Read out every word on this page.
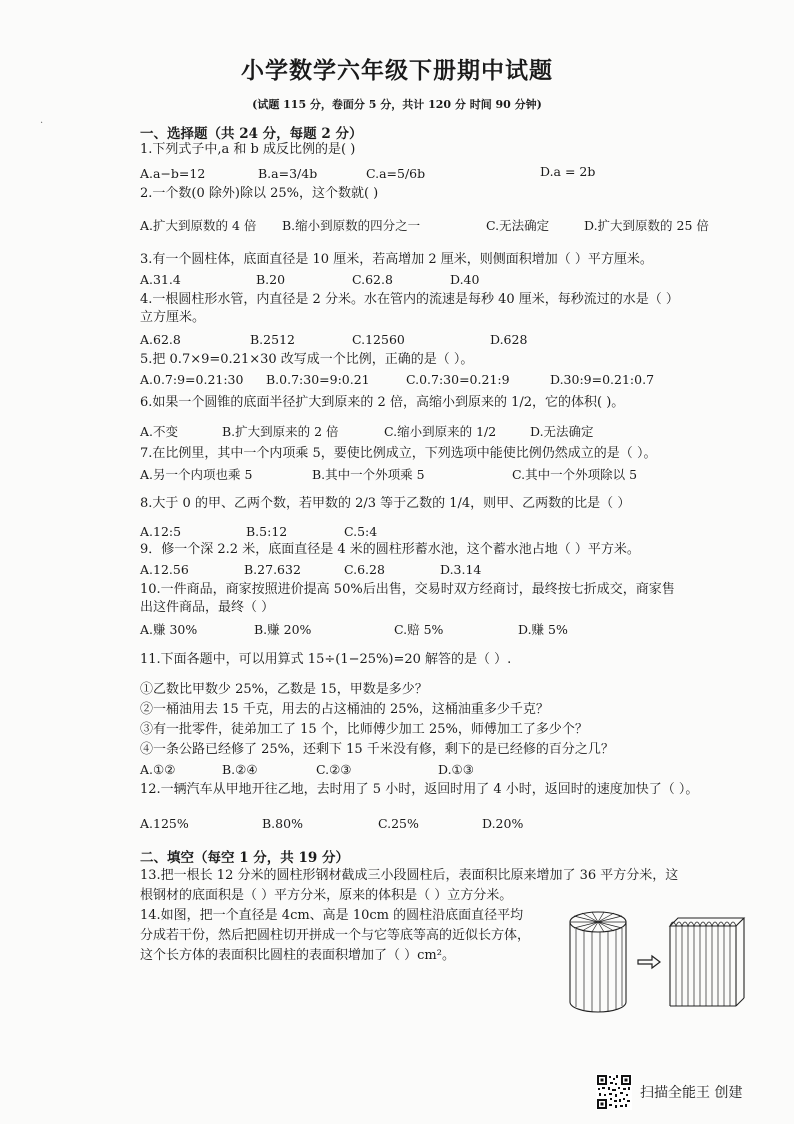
小学数学六年级下册期中试题
(试题 115 分，卷面分 5 分，共计 120 分 时间 90 分钟)
·
一、选择题（共 24 分，每题 2 分）
1.下列式子中,a 和 b 成反比例的是( )
A.a−b=12	B.a=3/4b	C.a=5/6b	D.a = 2b
2.一个数(0 除外)除以 25%，这个数就( )
A.扩大到原数的 4 倍 B.缩小到原数的四分之一	C.无法确定	D.扩大到原数的 25 倍
3.有一个圆柱体，底面直径是 10 厘米，若高增加 2 厘米，则侧面积增加（ ）平方厘米。
A.31.4	B.20	C.62.8	D.40
4.一根圆柱形水管，内直径是 2 分米。水在管内的流速是每秒 40 厘米，每秒流过的水是（ ）
立方厘米。
A.62.8	B.2512	C.12560	D.628
5.把 0.7×9=0.21×30 改写成一个比例，正确的是（ ）。
A.0.7:9=0.21:30 B.0.7:30=9:0.21	C.0.7:30=0.21:9	D.30:9=0.21:0.7
6.如果一个圆锥的底面半径扩大到原来的 2 倍，高缩小到原来的 1/2，它的体积( )。
A.不变	B.扩大到原来的 2 倍	C.缩小到原来的 1/2	D.无法确定
7.在比例里，其中一个内项乘 5，要使比例成立，下列选项中能使比例仍然成立的是（ ）。
A.另一个内项也乘 5	B.其中一个外项乘 5	C.其中一个外项除以 5
8.大于 0 的甲、乙两个数，若甲数的 2/3 等于乙数的 1/4，则甲、乙两数的比是（ ）
A.12:5	B.5:12	C.5:4
9．修一个深 2.2 米，底面直径是 4 米的圆柱形蓄水池，这个蓄水池占地（ ）平方米。
A.12.56	B.27.632	C.6.28	D.3.14
10.一件商品，商家按照进价提高 50%后出售，交易时双方经商讨，最终按七折成交，商家售
出这件商品，最终（ ）
A.赚 30%	B.赚 20%	C.赔 5%	D.赚 5%
11.下面各题中，可以用算式 15÷(1−25%)=20 解答的是（ ）.
①乙数比甲数少 25%，乙数是 15，甲数是多少？
②一桶油用去 15 千克，用去的占这桶油的 25%，这桶油重多少千克？
③有一批零件，徒弟加工了 15 个，比师傅少加工 25%，师傅加工了多少个？
④一条公路已经修了 25%，还剩下 15 千米没有修，剩下的是已经修的百分之几？
A.①②	B.②④	C.②③	D.①③
12.一辆汽车从甲地开往乙地，去时用了 5 小时，返回时用了 4 小时，返回时的速度加快了（ ）。
A.125%	B.80%	C.25%	D.20%
二、填空（每空 1 分，共 19 分）
13.把一根长 12 分米的圆柱形钢材截成三小段圆柱后，表面积比原来增加了 36 平方分米，这
根钢材的底面积是（ ）平方分米，原来的体积是（ ）立方分米。
14.如图，把一个直径是 4cm、高是 10cm 的圆柱沿底面直径平均
分成若干份，然后把圆柱切开拼成一个与它等底等高的近似长方体，
这个长方体的表面积比圆柱的表面积增加了（ ）cm²。
扫描全能王 创建
